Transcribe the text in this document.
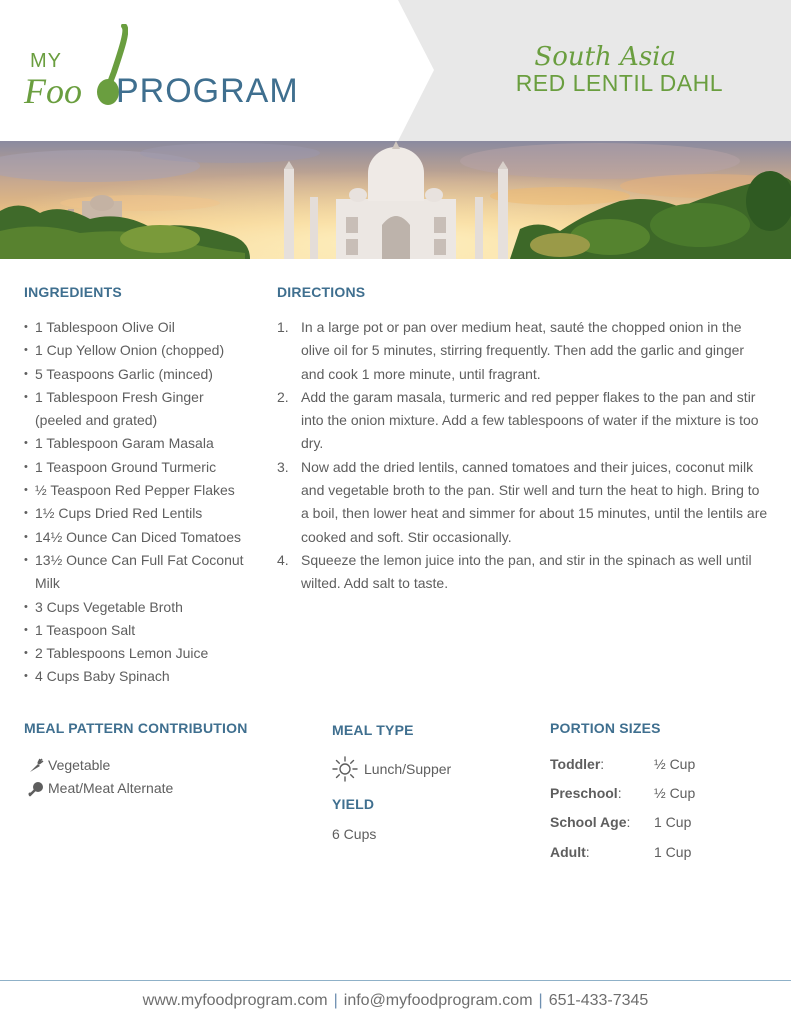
MY
Foo PROGRAM
South Asia
RED LENTIL DAHL
INGREDIENTS
• 1 Tablespoon Olive Oil
• 1 Cup Yellow Onion (chopped)
• 5 Teaspoons Garlic (minced)
• 1 Tablespoon Fresh Ginger (peeled and grated)
• 1 Tablespoon Garam Masala
• 1 Teaspoon Ground Turmeric
• ½ Teaspoon Red Pepper Flakes
• 1½ Cups Dried Red Lentils
• 14½ Ounce Can Diced Tomatoes
• 13½ Ounce Can Full Fat Coconut Milk
• 3 Cups Vegetable Broth
• 1 Teaspoon Salt
• 2 Tablespoons Lemon Juice
• 4 Cups Baby Spinach
DIRECTIONS
1. In a large pot or pan over medium heat, sauté the chopped onion in the olive oil for 5 minutes, stirring frequently. Then add the garlic and ginger and cook 1 more minute, until fragrant.
2. Add the garam masala, turmeric and red pepper flakes to the pan and stir into the onion mixture. Add a few tablespoons of water if the mixture is too dry.
3. Now add the dried lentils, canned tomatoes and their juices, coconut milk and vegetable broth to the pan. Stir well and turn the heat to high. Bring to a boil, then lower heat and simmer for about 15 minutes, until the lentils are cooked and soft. Stir occasionally.
4. Squeeze the lemon juice into the pan, and stir in the spinach as well until wilted. Add salt to taste.
MEAL PATTERN CONTRIBUTION
Vegetable
Meat/Meat Alternate
MEAL TYPE
Lunch/Supper
YIELD
6 Cups
PORTION SIZES
Toddler:	½ Cup
Preschool:	½ Cup
School Age:	1 Cup
Adult:	1 Cup
www.myfoodprogram.com | info@myfoodprogram.com | 651-433-7345
